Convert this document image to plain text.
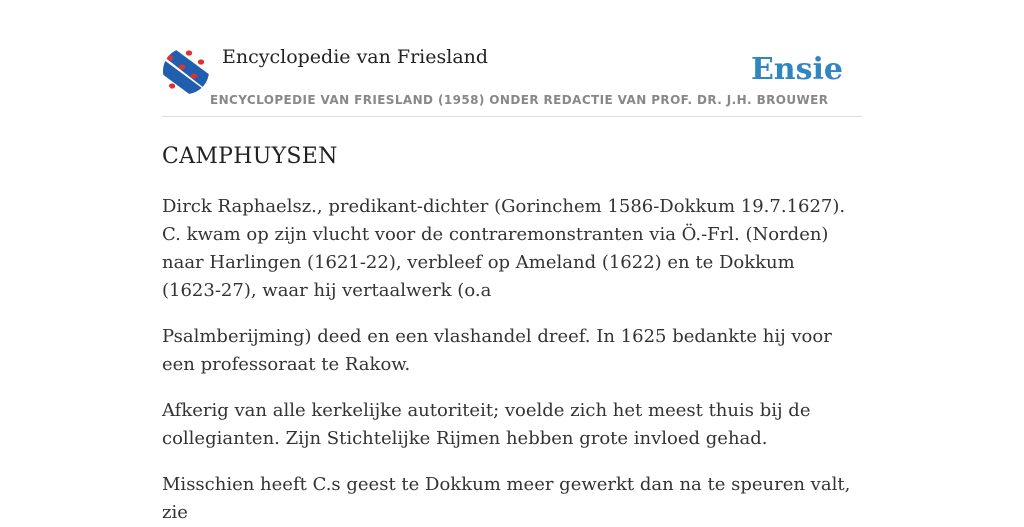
Encyclopedie van Friesland
ENCYCLOPEDIE VAN FRIESLAND (1958) ONDER REDACTIE VAN PROF. DR. J.H. BROUWER
Ensie
CAMPHUYSEN

Dirck Raphaelsz., predikant-dichter (Gorinchem 1586-Dokkum 19.7.1627). C. kwam op zijn vlucht voor de contraremonstranten via Ö.-Frl. (Norden) naar Harlingen (1621-22), verbleef op Ameland (1622) en te Dokkum (1623-27), waar hij vertaalwerk (o.a

Psalmberijming) deed en een vlashandel dreef. In 1625 bedankte hij voor een professoraat te Rakow.

Afkerig van alle kerkelijke autoriteit; voelde zich het meest thuis bij de collegianten. Zijn Stichtelijke Rijmen hebben grote invloed gehad.

Misschien heeft C.s geest te Dokkum meer gewerkt dan na te speuren valt, zie
